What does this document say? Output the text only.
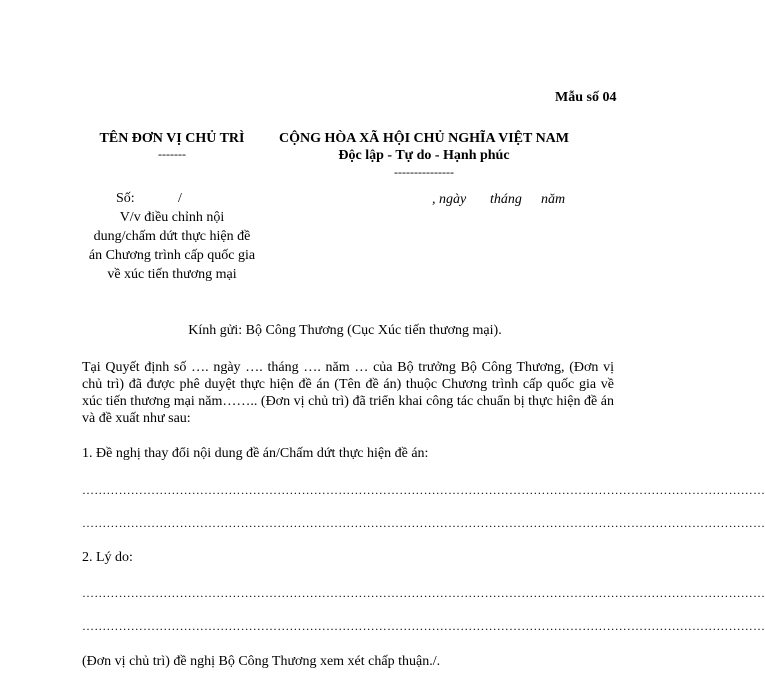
Mẫu số 04
TÊN ĐƠN VỊ CHỦ TRÌ
-------
Số:	/
V/v điều chỉnh nội
dung/chấm dứt thực hiện đề
án Chương trình cấp quốc gia
về xúc tiến thương mại
CỘNG HÒA XÃ HỘI CHỦ NGHĨA VIỆT NAM
Độc lập - Tự do - Hạnh phúc
---------------
, ngày tháng năm
Kính gửi: Bộ Công Thương (Cục Xúc tiến thương mại).
Tại Quyết định số …. ngày …. tháng …. năm … của Bộ trưởng Bộ Công Thương, (Đơn vị chủ trì) đã được phê duyệt thực hiện đề án (Tên đề án) thuộc Chương trình cấp quốc gia về xúc tiến thương mại năm…….. (Đơn vị chủ trì) đã triển khai công tác chuẩn bị thực hiện đề án và đề xuất như sau:
1. Đề nghị thay đổi nội dung đề án/Chấm dứt thực hiện đề án:
……………………………………………………………………………………………………………………………………………………
……………………………………………………………………………………………………………………………………………………
2. Lý do:
……………………………………………………………………………………………………………………………………………………
……………………………………………………………………………………………………………………………………………………
(Đơn vị chủ trì) đề nghị Bộ Công Thương xem xét chấp thuận./.
